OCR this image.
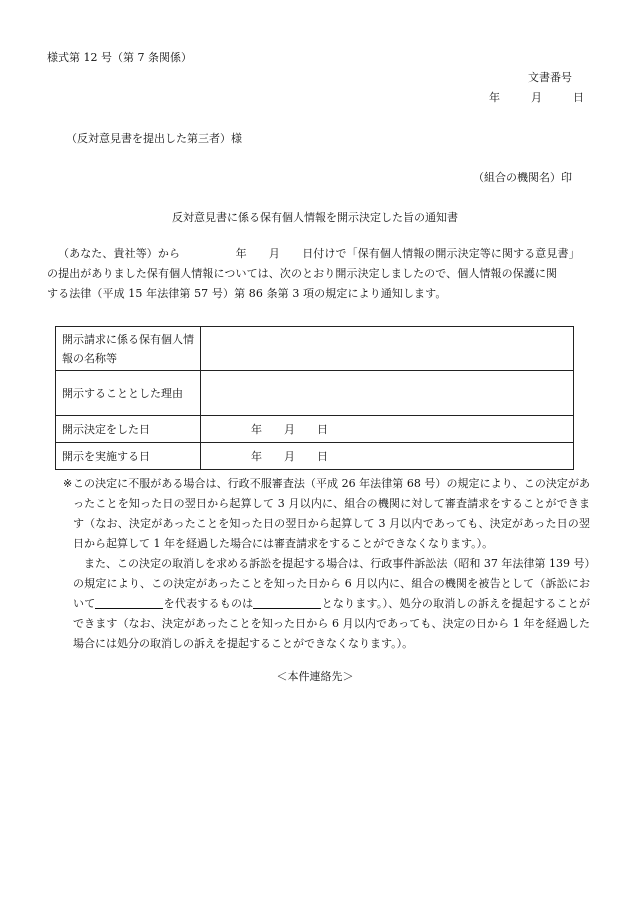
様式第 12 号（第 7 条関係）
文書番号
年	月	日
（反対意見書を提出した第三者）様
（組合の機関名）印
反対意見書に係る保有個人情報を開示決定した旨の通知書
（あなた、貴社等）から　　　　　年　　月　　日付けで「保有個人情報の開示決定等に関する意見書」
の提出がありました保有個人情報については、次のとおり開示決定しましたので、個人情報の保護に関
する法律（平成 15 年法律第 57 号）第 86 条第 3 項の規定により通知します。
開示請求に係る保有個人情報の名称等	
開示することとした理由	
開示決定をした日	年　　月　　日
開示を実施する日	年　　月　　日
※ この決定に不服がある場合は、行政不服審査法（平成 26 年法律第 68 号）の規定により、この決定があったことを知った日の翌日から起算して 3 月以内に、組合の機関に対して審査請求をすることができます（なお、決定があったことを知った日の翌日から起算して 3 月以内であっても、決定があった日の翌日から起算して 1 年を経過した場合には審査請求をすることができなくなります。）。
また、この決定の取消しを求める訴訟を提起する場合は、行政事件訴訟法（昭和 37 年法律第 139 号）の規定により、この決定があったことを知った日から 6 月以内に、組合の機関を被告として（訴訟において	を代表するものは	となります。）、処分の取消しの訴えを提起することができます（なお、決定があったことを知った日から 6 月以内であっても、決定の日から 1 年を経過した場合には処分の取消しの訴えを提起することができなくなります。）。
＜本件連絡先＞
